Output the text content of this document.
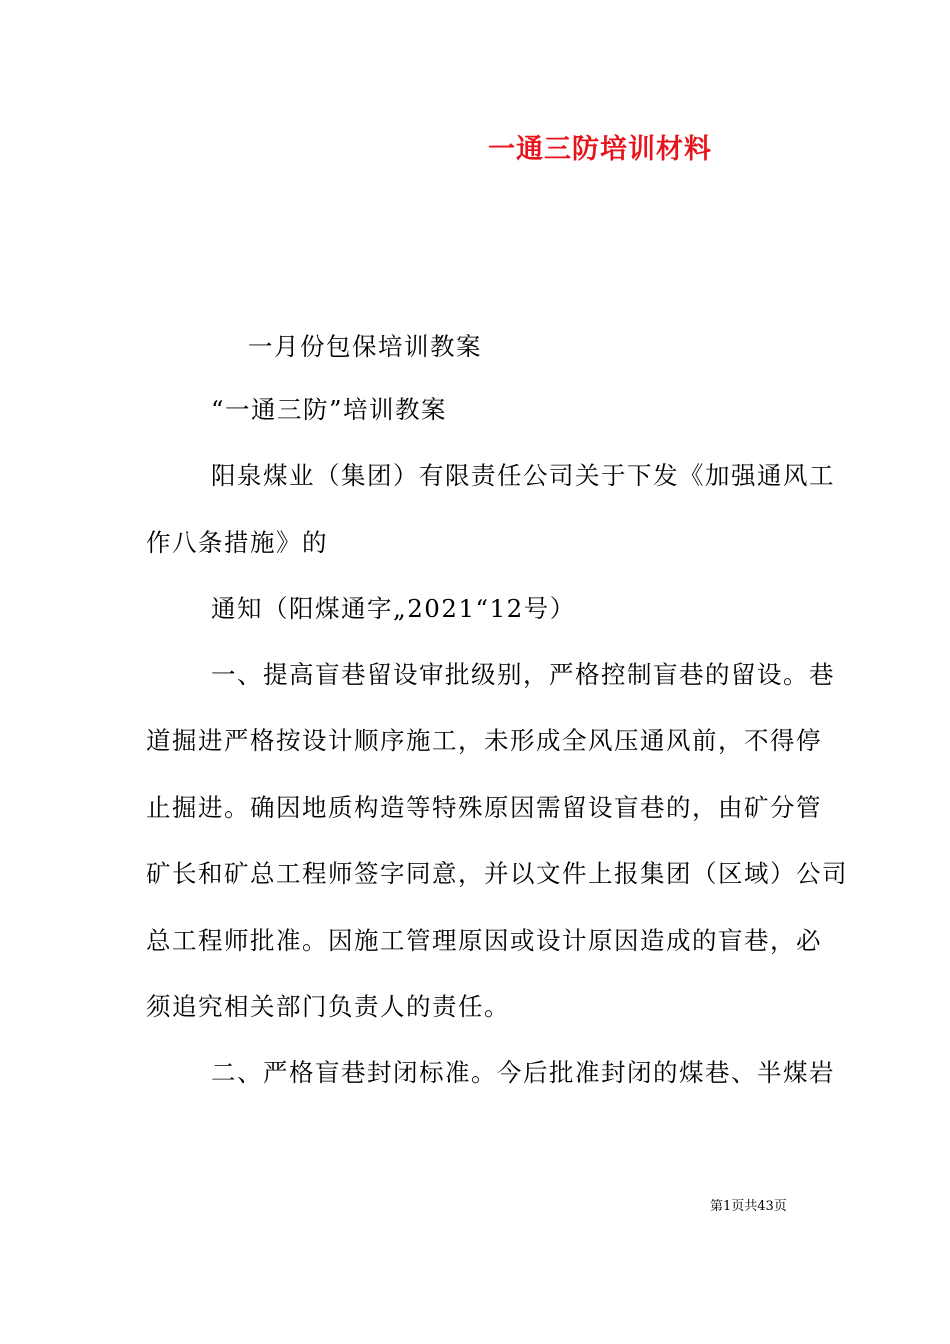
一通三防培训材料
一月份包保培训教案
“一通三防”培训教案
阳泉煤业（集团）有限责任公司关于下发《加强通风工
作八条措施》的
通知（阳煤通字„2021“12号）
一、提高盲巷留设审批级别，严格控制盲巷的留设。巷
道掘进严格按设计顺序施工，未形成全风压通风前，不得停
止掘进。确因地质构造等特殊原因需留设盲巷的，由矿分管
矿长和矿总工程师签字同意，并以文件上报集团（区域）公司
总工程师批准。因施工管理原因或设计原因造成的盲巷，必
须追究相关部门负责人的责任。
二、严格盲巷封闭标准。今后批准封闭的煤巷、半煤岩
第1页共43页
